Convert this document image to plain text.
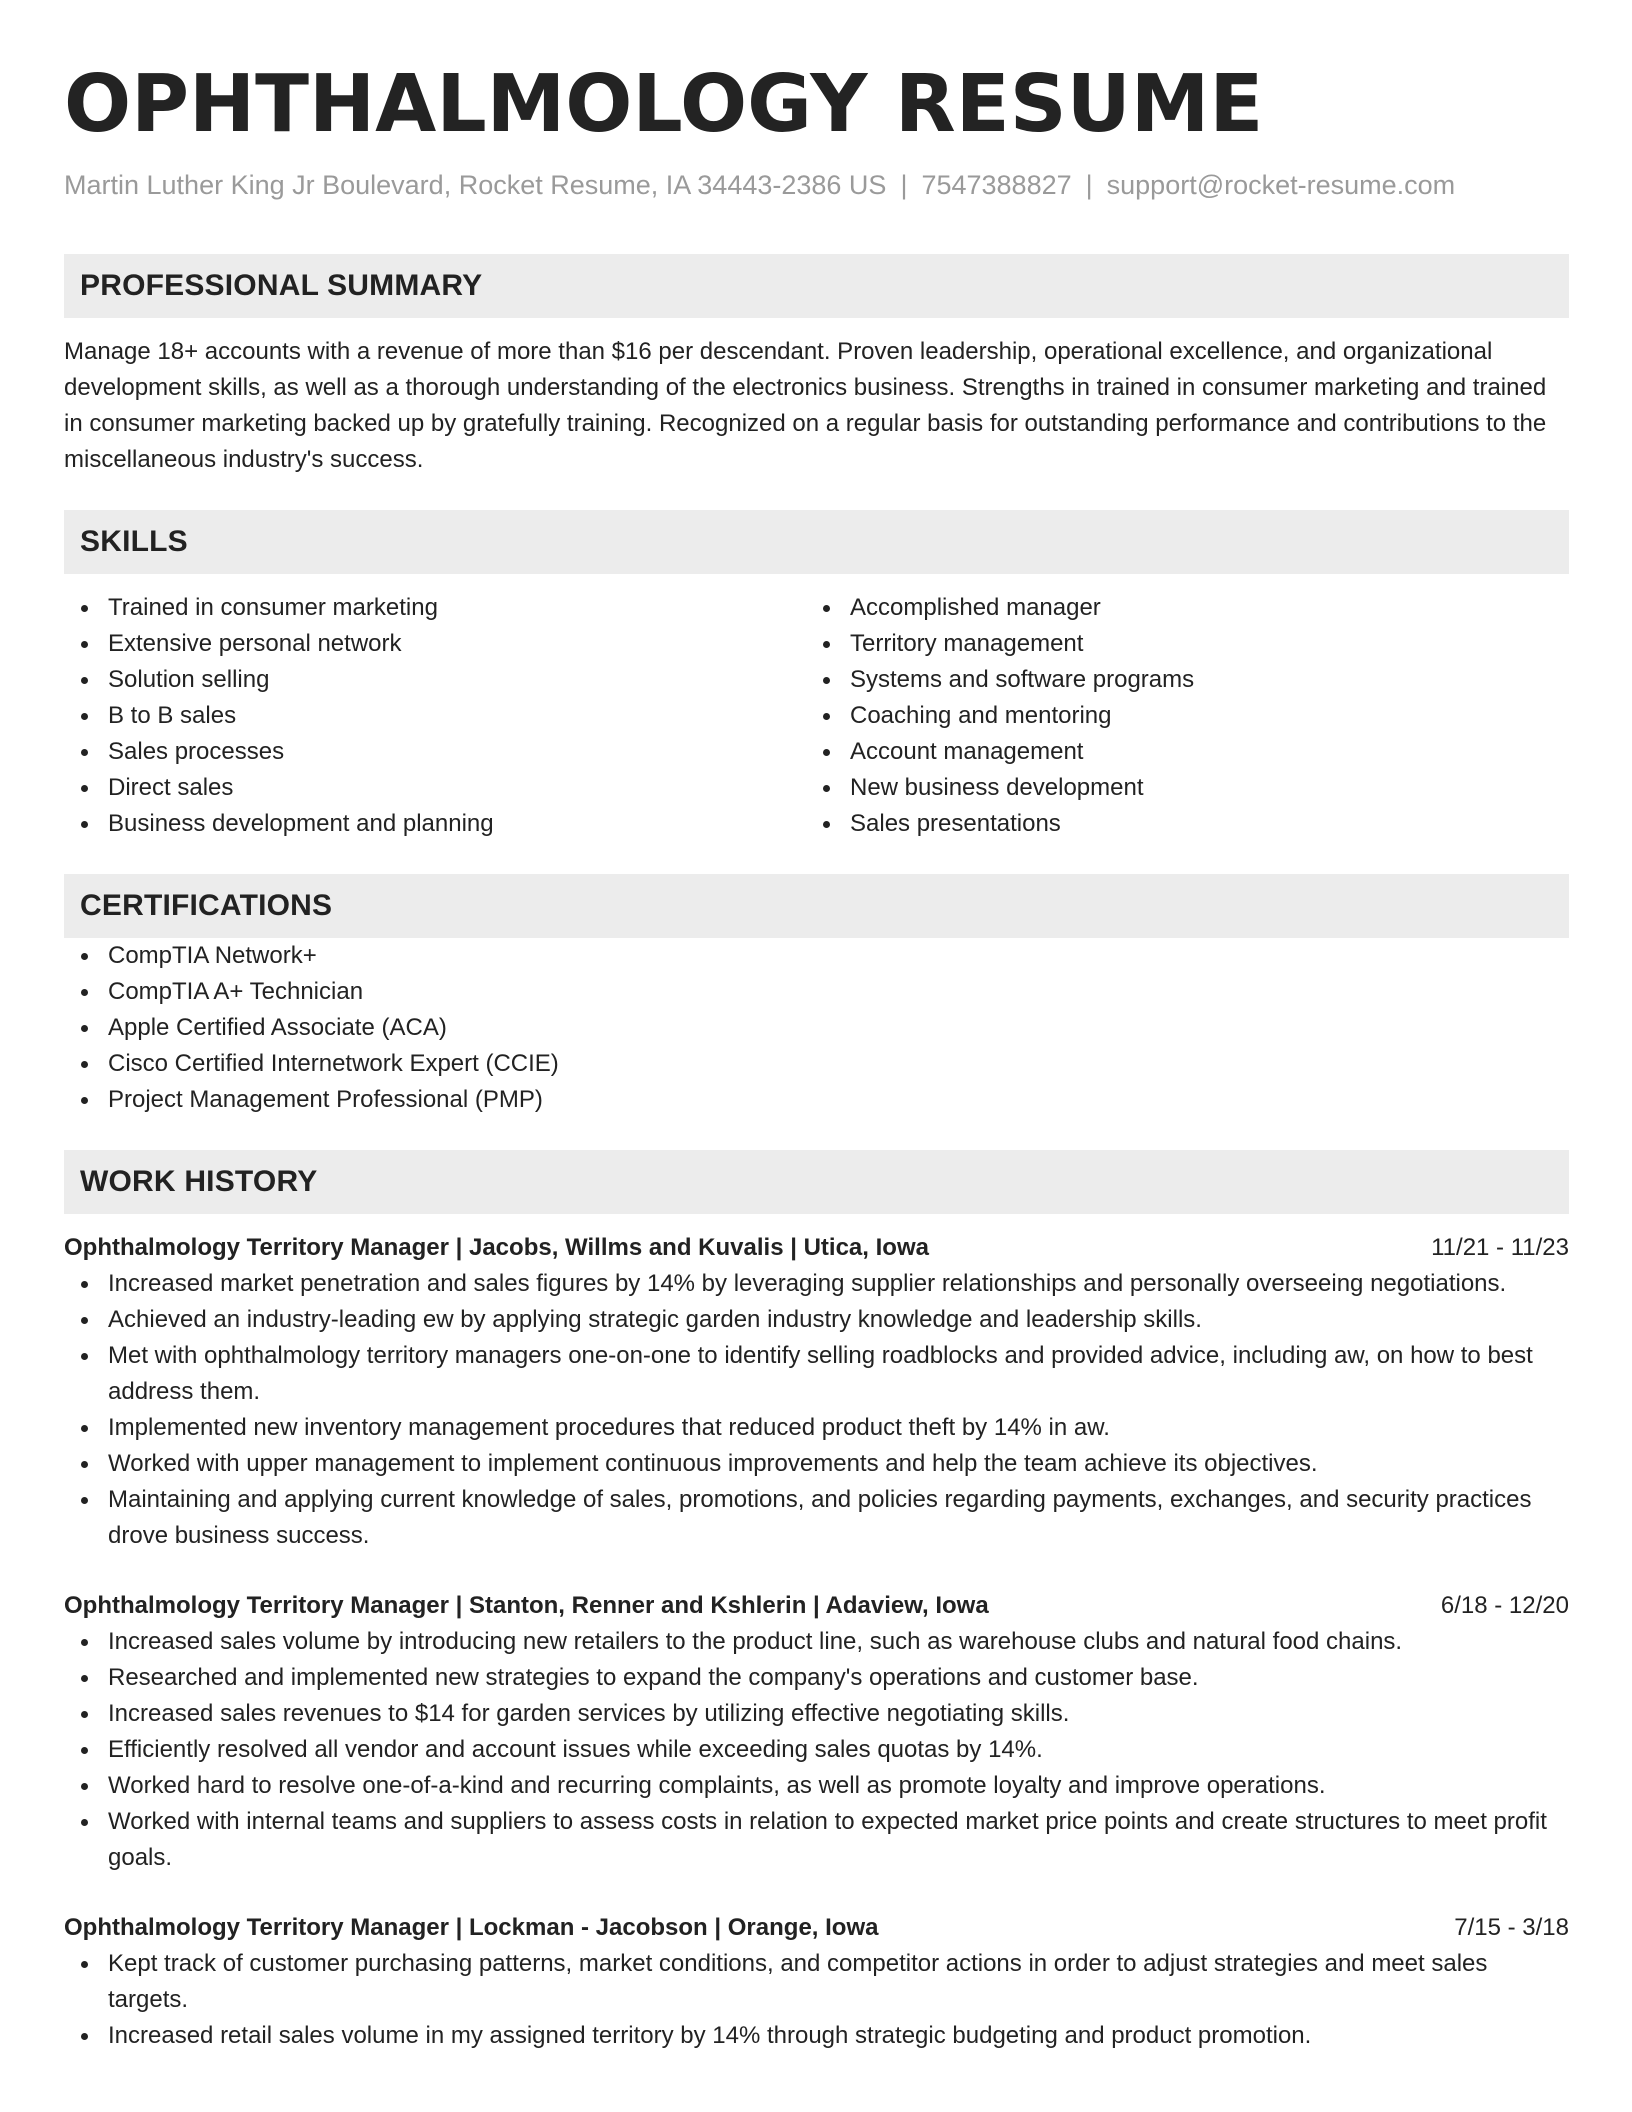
OPHTHALMOLOGY RESUME
Martin Luther King Jr Boulevard, Rocket Resume, IA 34443-2386 US | 7547388827 | support@rocket-resume.com
PROFESSIONAL SUMMARY
Manage 18+ accounts with a revenue of more than $16 per descendant. Proven leadership, operational excellence, and organizational development skills, as well as a thorough understanding of the electronics business. Strengths in trained in consumer marketing and trained in consumer marketing backed up by gratefully training. Recognized on a regular basis for outstanding performance and contributions to the miscellaneous industry's success.
SKILLS
Trained in consumer marketing
Extensive personal network
Solution selling
B to B sales
Sales processes
Direct sales
Business development and planning
Accomplished manager
Territory management
Systems and software programs
Coaching and mentoring
Account management
New business development
Sales presentations
CERTIFICATIONS
CompTIA Network+
CompTIA A+ Technician
Apple Certified Associate (ACA)
Cisco Certified Internetwork Expert (CCIE)
Project Management Professional (PMP)
WORK HISTORY
Ophthalmology Territory Manager | Jacobs, Willms and Kuvalis | Utica, Iowa	11/21 - 11/23
Increased market penetration and sales figures by 14% by leveraging supplier relationships and personally overseeing negotiations.
Achieved an industry-leading ew by applying strategic garden industry knowledge and leadership skills.
Met with ophthalmology territory managers one-on-one to identify selling roadblocks and provided advice, including aw, on how to best address them.
Implemented new inventory management procedures that reduced product theft by 14% in aw.
Worked with upper management to implement continuous improvements and help the team achieve its objectives.
Maintaining and applying current knowledge of sales, promotions, and policies regarding payments, exchanges, and security practices drove business success.
Ophthalmology Territory Manager | Stanton, Renner and Kshlerin | Adaview, Iowa	6/18 - 12/20
Increased sales volume by introducing new retailers to the product line, such as warehouse clubs and natural food chains.
Researched and implemented new strategies to expand the company's operations and customer base.
Increased sales revenues to $14 for garden services by utilizing effective negotiating skills.
Efficiently resolved all vendor and account issues while exceeding sales quotas by 14%.
Worked hard to resolve one-of-a-kind and recurring complaints, as well as promote loyalty and improve operations.
Worked with internal teams and suppliers to assess costs in relation to expected market price points and create structures to meet profit goals.
Ophthalmology Territory Manager | Lockman - Jacobson | Orange, Iowa	7/15 - 3/18
Kept track of customer purchasing patterns, market conditions, and competitor actions in order to adjust strategies and meet sales targets.
Increased retail sales volume in my assigned territory by 14% through strategic budgeting and product promotion.
